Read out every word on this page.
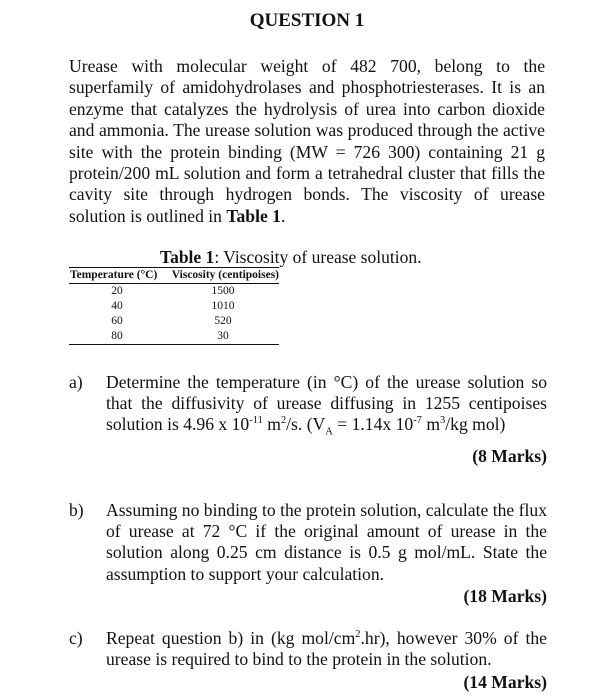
QUESTION 1
Urease with molecular weight of 482 700, belong to the superfamily of amidohydrolases and phosphotriesterases. It is an enzyme that catalyzes the hydrolysis of urea into carbon dioxide and ammonia. The urease solution was produced through the active site with the protein binding (MW = 726 300) containing 21 g protein/200 mL solution and form a tetrahedral cluster that fills the cavity site through hydrogen bonds. The viscosity of urease solution is outlined in Table 1.
Table 1: Viscosity of urease solution.
Temperature (°C)	Viscosity (centipoises)
20	1500
40	1010
60	520
80	30
a)	Determine the temperature (in °C) of the urease solution so that the diffusivity of urease diffusing in 1255 centipoises solution is 4.96 x $10^{-11}$ $m^2/s$. ($V_A = 1.14x$ $10^{-7}$ $m^3/kg$ mol)
(8 Marks)
b)	Assuming no binding to the protein solution, calculate the flux of urease at 72 °C if the original amount of urease in the solution along 0.25 cm distance is 0.5 g mol/mL. State the assumption to support your calculation.
(18 Marks)
c)	Repeat question b) in (kg mol/$cm^2.hr$), however 30% of the urease is required to bind to the protein in the solution.
(14 Marks)
